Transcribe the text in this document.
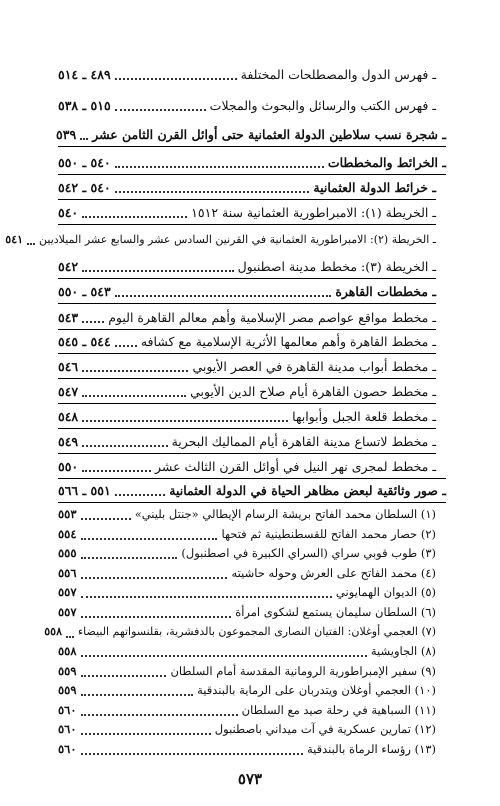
ـ فهرس الدول والمصطلحات المختلفة
٤٨٩ ـ ٥١٤
ـ فهرس الكتب والرسائل والبحوث والمجلات
٥١٥ ـ ٥٣٨
ـ شجرة نسب سلاطين الدولة العثمانية حتى أوائل القرن الثامن عشر
٥٣٩
ـ الخرائط والمخططات
٥٤٠ ـ ٥٥٠
ـ خرائط الدولة العثمانية
٥٤٠ ـ ٥٤٢
ـ الخريطة (١): الامبراطورية العثمانية سنة ١٥١٢
٥٤٠
ـ الخريطة (٢): الامبراطورية العثمانية في القرنين السادس عشر والسابع عشر الميلاديين
٥٤١
ـ الخريطة (٣): مخطط مدينة اصطنبول
٥٤٢
ـ مخططات القاهرة
٥٤٣ ـ ٥٥٠
ـ مخطط مواقع عواصم مصر الإسلامية وأهم معالم القاهرة اليوم
٥٤٣
ـ مخطط القاهرة وأهم معالمها الأثرية الإسلامية مع كشافه
٥٤٤ ـ ٥٤٥
ـ مخطط أبواب مدينة القاهرة في العصر الأيوبي
٥٤٦
ـ مخطط حصون القاهرة أيام صلاح الدين الأيوبي
٥٤٧
ـ مخطط قلعة الجبل وأبوابها
٥٤٨
ـ مخطط لاتساع مدينة القاهرة أيام المماليك البحرية
٥٤٩
ـ مخطط لمجرى نهر النيل في أوائل القرن الثالث عشر
٥٥٠
ـ صور وثائقية لبعض مظاهر الحياة في الدولة العثمانية
٥٥١ ـ ٥٦٦
(١) السلطان محمد الفاتح بريشة الرسام الإيطالي «جنتل بليني»
٥٥٣
(٢) حصار محمد الفاتح للقسطنطينية ثم فتحها
٥٥٤
(٣) طوب قوبي سراي (السراي الكبيرة في اصطنبول)
٥٥٥
(٤) محمد الفاتح على العرش وحوله حاشيته
٥٥٦
(٥) الديوان الهمايوني
٥٥٧
(٦) السلطان سليمان يستمع لشكوى امرأة
٥٥٧
(٧) العجمي أوغلان: الفتيان النصارى المجموعون بالدفشرية، بقلنسواتهم البيضاء
٥٥٨
(٨) الجاويشية
٥٥٨
(٩) سفير الإمبراطورية الرومانية المقدسة أمام السلطان
٥٥٩
(١٠) العجمي أوغلان ويتدربان على الرماية بالبندقية
٥٥٩
(١١) السباهية في رحلة صيد مع السلطان
٥٦٠
(١٢) تمارين عسكرية في آت ميداني باصطنبول
٥٦٠
(١٣) رؤساء الرماة بالبندقية
٥٦٠
٥٧٣
